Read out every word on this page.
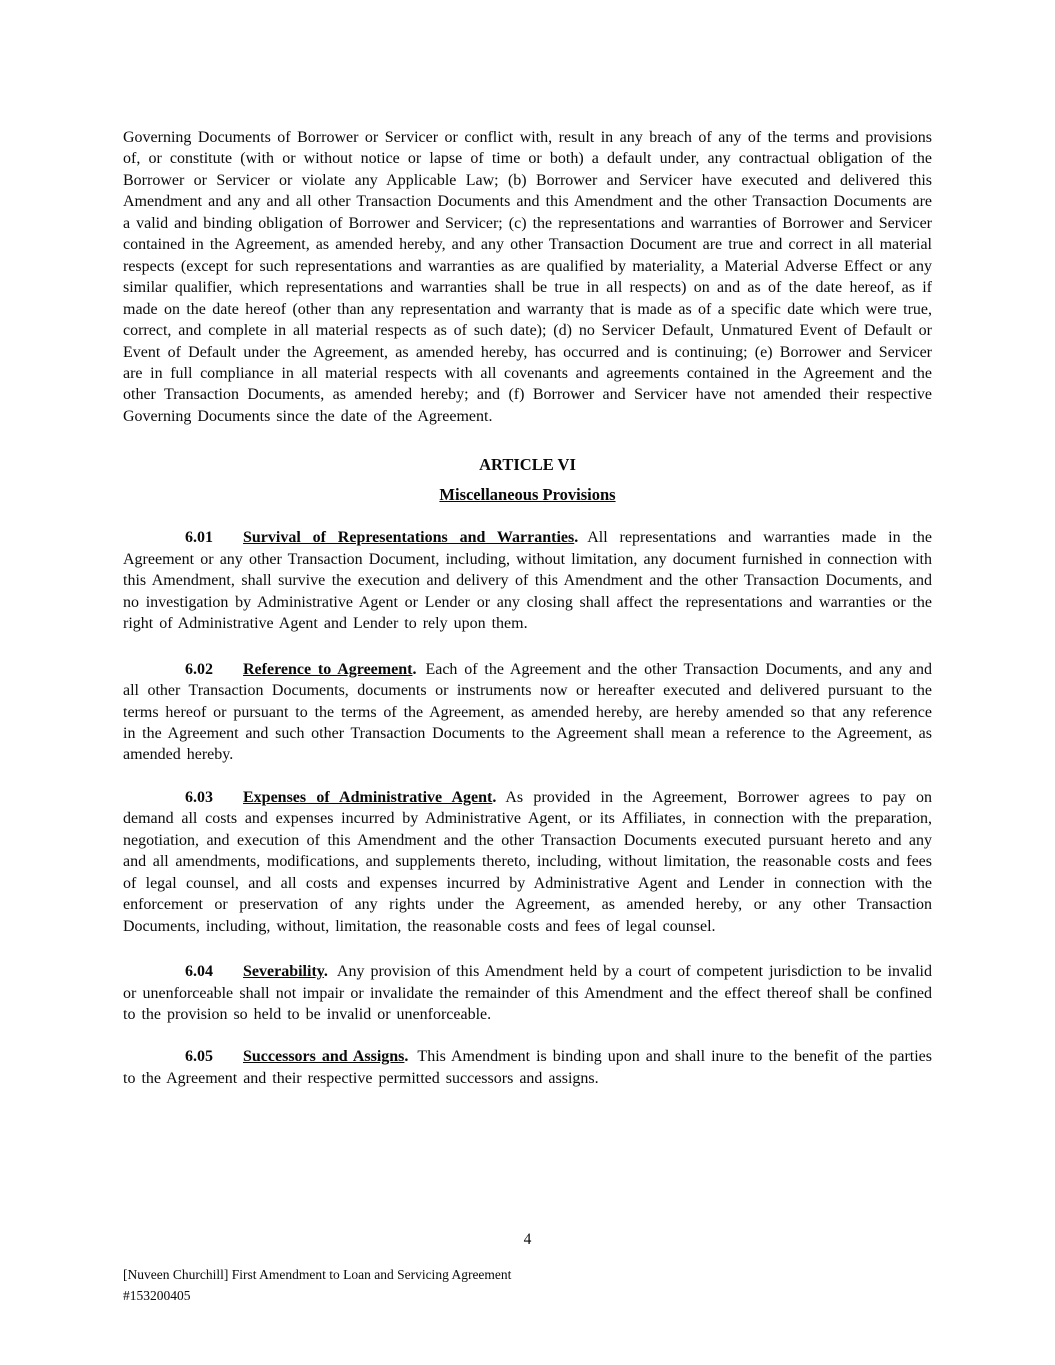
Governing Documents of Borrower or Servicer or conflict with, result in any breach of any of the terms and provisions of, or constitute (with or without notice or lapse of time or both) a default under, any contractual obligation of the Borrower or Servicer or violate any Applicable Law; (b) Borrower and Servicer have executed and delivered this Amendment and any and all other Transaction Documents and this Amendment and the other Transaction Documents are a valid and binding obligation of Borrower and Servicer; (c) the representations and warranties of Borrower and Servicer contained in the Agreement, as amended hereby, and any other Transaction Document are true and correct in all material respects (except for such representations and warranties as are qualified by materiality, a Material Adverse Effect or any similar qualifier, which representations and warranties shall be true in all respects) on and as of the date hereof, as if made on the date hereof (other than any representation and warranty that is made as of a specific date which were true, correct, and complete in all material respects as of such date); (d) no Servicer Default, Unmatured Event of Default or Event of Default under the Agreement, as amended hereby, has occurred and is continuing; (e) Borrower and Servicer are in full compliance in all material respects with all covenants and agreements contained in the Agreement and the other Transaction Documents, as amended hereby; and (f) Borrower and Servicer have not amended their respective Governing Documents since the date of the Agreement.

ARTICLE VI

Miscellaneous Provisions

6.01 Survival of Representations and Warranties. All representations and warranties made in the Agreement or any other Transaction Document, including, without limitation, any document furnished in connection with this Amendment, shall survive the execution and delivery of this Amendment and the other Transaction Documents, and no investigation by Administrative Agent or Lender or any closing shall affect the representations and warranties or the right of Administrative Agent and Lender to rely upon them.

6.02 Reference to Agreement. Each of the Agreement and the other Transaction Documents, and any and all other Transaction Documents, documents or instruments now or hereafter executed and delivered pursuant to the terms hereof or pursuant to the terms of the Agreement, as amended hereby, are hereby amended so that any reference in the Agreement and such other Transaction Documents to the Agreement shall mean a reference to the Agreement, as amended hereby.

6.03 Expenses of Administrative Agent. As provided in the Agreement, Borrower agrees to pay on demand all costs and expenses incurred by Administrative Agent, or its Affiliates, in connection with the preparation, negotiation, and execution of this Amendment and the other Transaction Documents executed pursuant hereto and any and all amendments, modifications, and supplements thereto, including, without limitation, the reasonable costs and fees of legal counsel, and all costs and expenses incurred by Administrative Agent and Lender in connection with the enforcement or preservation of any rights under the Agreement, as amended hereby, or any other Transaction Documents, including, without, limitation, the reasonable costs and fees of legal counsel.

6.04 Severability. Any provision of this Amendment held by a court of competent jurisdiction to be invalid or unenforceable shall not impair or invalidate the remainder of this Amendment and the effect thereof shall be confined to the provision so held to be invalid or unenforceable.

6.05 Successors and Assigns. This Amendment is binding upon and shall inure to the benefit of the parties to the Agreement and their respective permitted successors and assigns.

4
[Nuveen Churchill] First Amendment to Loan and Servicing Agreement
#153200405
